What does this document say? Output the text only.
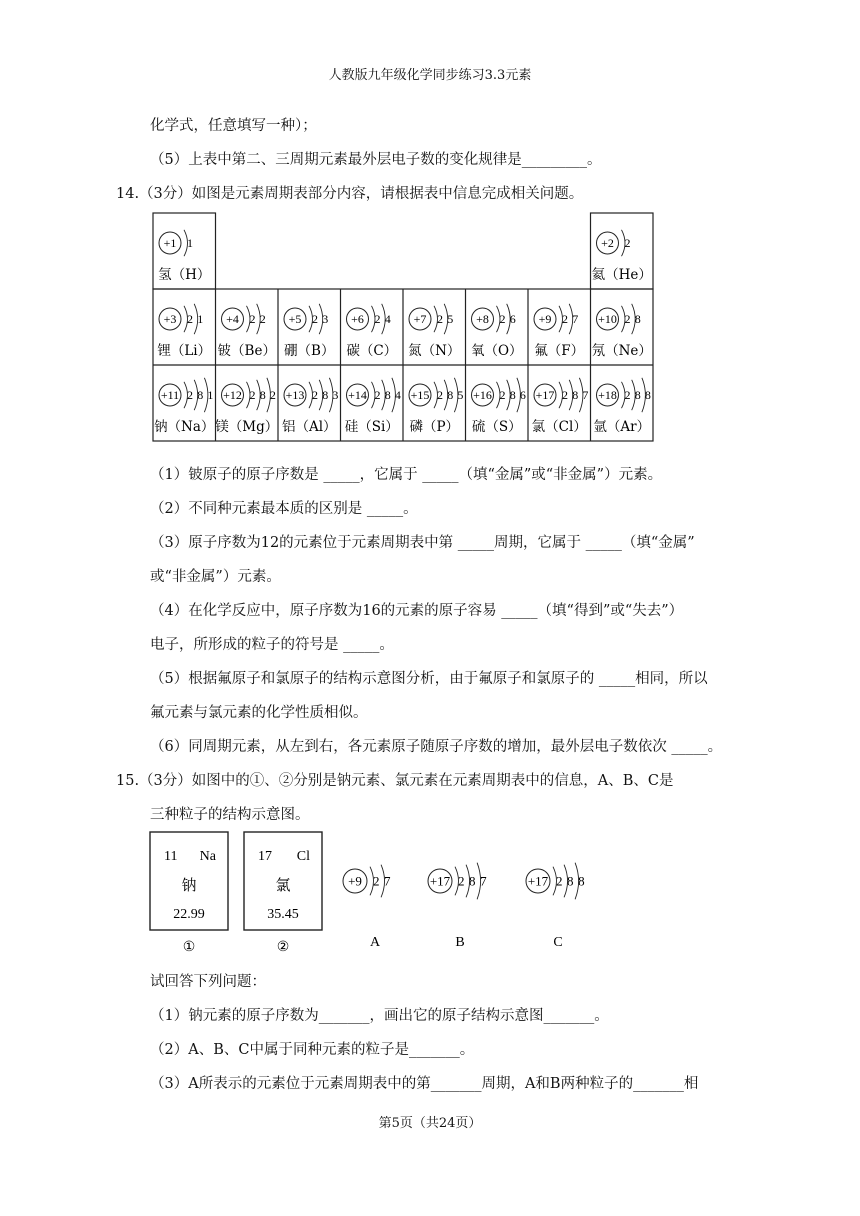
人教版九年级化学同步练习3.3元素
化学式，任意填写一种）；
（5）上表中第二、三周期元素最外层电子数的变化规律是_________。
14.（3分）如图是元素周期表部分内容，请根据表中信息完成相关问题。
+1 1
氢（H）
+2 2
氦（He）
+3 2 1
锂（Li）
+4 2 2
铍（Be）
+5 2 3
硼（B）
+6 2 4
碳（C）
+7 2 5
氮（N）
+8 2 6
氧（O）
+9 2 7
氟（F）
+10 2 8
氖（Ne）
+11 2 8 1
钠（Na）
+12 2 8 2
镁（Mg）
+13 2 8 3
铝（Al）
+14 2 8 4
硅（Si）
+15 2 8 5
磷（P）
+16 2 8 6
硫（S）
+17 2 8 7
氯（Cl）
+18 2 8 8
氩（Ar）
（1）铍原子的原子序数是 _____，它属于 _____（填“金属”或“非金属”）元素。
（2）不同种元素最本质的区别是 _____。
（3）原子序数为12的元素位于元素周期表中第 _____周期，它属于 _____（填“金属”
或“非金属”）元素。
（4）在化学反应中，原子序数为16的元素的原子容易 _____（填“得到”或“失去”）
电子，所形成的粒子的符号是 _____。
（5）根据氟原子和氯原子的结构示意图分析，由于氟原子和氯原子的 _____相同，所以
氟元素与氯元素的化学性质相似。
（6）同周期元素，从左到右，各元素原子随原子序数的增加，最外层电子数依次 _____。
15.（3分）如图中的①、②分别是钠元素、氯元素在元素周期表中的信息，A、B、C是
三种粒子的结构示意图。
11 Na
钠
22.99
①
17 Cl
氯
35.45
②
+9 2 7
A
+17 2 8 7
B
+17 2 8 8
C
试回答下列问题：
（1）钠元素的原子序数为_______，画出它的原子结构示意图_______。
（2）A、B、C中属于同种元素的粒子是_______。
（3）A所表示的元素位于元素周期表中的第_______周期，A和B两种粒子的_______相
第5页（共24页）
